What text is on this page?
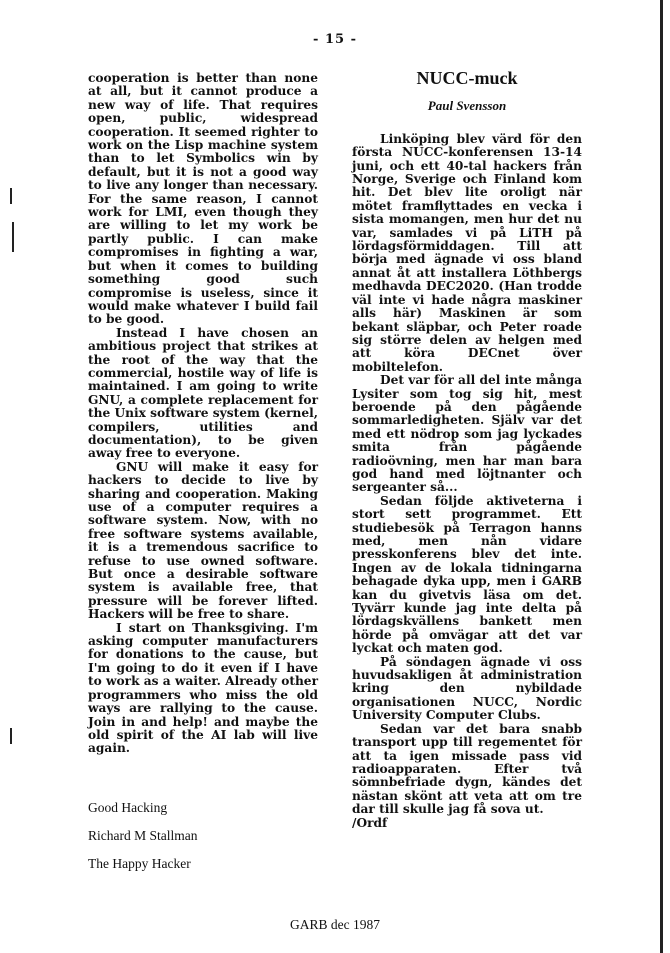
- 15 -

cooperation is better than none at all, but it cannot produce a new way of life. That requires open, public, widespread cooperation. It seemed righter to work on the Lisp machine system than to let Symbolics win by default, but it is not a good way to live any longer than necessary. For the same reason, I cannot work for LMI, even though they are willing to let my work be partly public. I can make compromises in fighting a war, but when it comes to building something good such compromise is useless, since it would make whatever I build fail to be good.

Instead I have chosen an ambitious project that strikes at the root of the way that the commercial, hostile way of life is maintained. I am going to write GNU, a complete replacement for the Unix software system (kernel, compilers, utilities and documentation), to be given away free to everyone.

GNU will make it easy for hackers to decide to live by sharing and cooperation. Making use of a computer requires a software system. Now, with no free software systems available, it is a tremendous sacrifice to refuse to use owned software. But once a desirable software system is available free, that pressure will be forever lifted. Hackers will be free to share.

I start on Thanksgiving. I'm asking computer manufacturers for donations to the cause, but I'm going to do it even if I have to work as a waiter. Already other programmers who miss the old ways are rallying to the cause. Join in and help! and maybe the old spirit of the AI lab will live again.

Good Hacking
Richard M Stallman
The Happy Hacker
NUCC-muck
Paul Svensson

Linköping blev värd för den första NUCC-konferensen 13-14 juni, och ett 40-tal hackers från Norge, Sverige och Finland kom hit. Det blev lite oroligt när mötet framflyttades en vecka i sista momangen, men hur det nu var, samlades vi på LiTH på lördagsförmiddagen. Till att börja med ägnade vi oss bland annat åt att installera Löthbergs medhavda DEC2020. (Han trodde väl inte vi hade några maskiner alls här) Maskinen är som bekant släpbar, och Peter roade sig större delen av helgen med att köra DECnet över mobiltelefon.

Det var för all del inte många Lysiter som tog sig hit, mest beroende på den pågående sommarledigheten. Själv var det med ett nödrop som jag lyckades smita från pågående radioövning, men har man bara god hand med löjtnanter och sergeanter så...

Sedan följde aktiveterna i stort sett programmet. Ett studiebesök på Terragon hanns med, men nån vidare presskonferens blev det inte. Ingen av de lokala tidningarna behagade dyka upp, men i GARB kan du givetvis läsa om det. Tyvärr kunde jag inte delta på lördagskvällens bankett men hörde på omvägar att det var lyckat och maten god.

På söndagen ägnade vi oss huvudsakligen åt administration kring den nybildade organisationen NUCC, Nordic University Computer Clubs.

Sedan var det bara snabb transport upp till regementet för att ta igen missade pass vid radioapparaten. Efter två sömnbefriade dygn, kändes det nästan skönt att veta att om tre dar till skulle jag få sova ut.

/Ordf

GARB dec 1987
